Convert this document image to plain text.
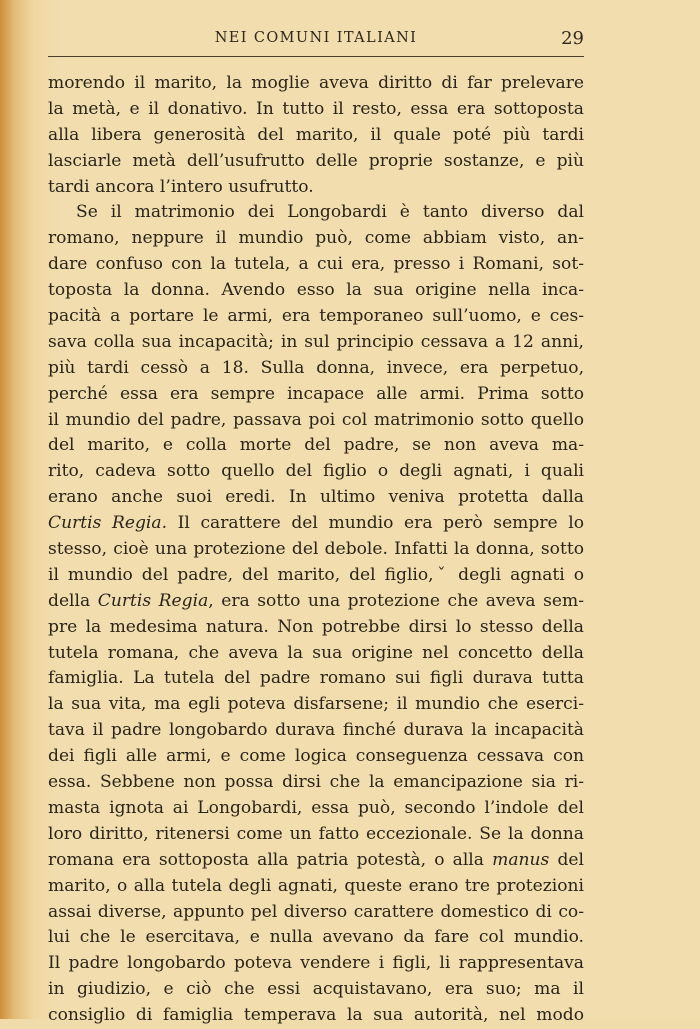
NEI COMUNI ITALIANI	29
morendo il marito, la moglie aveva diritto di far prelevare
la metà, e il donativo. In tutto il resto, essa era sottoposta
alla libera generosità del marito, il quale poté più tardi
lasciarle metà dell’usufrutto delle proprie sostanze, e più
tardi ancora l’intero usufrutto.
Se il matrimonio dei Longobardi è tanto diverso dal
romano, neppure il mundio può, come abbiam visto, an-
dare confuso con la tutela, a cui era, presso i Romani, sot-
toposta la donna. Avendo esso la sua origine nella inca-
pacità a portare le armi, era temporaneo sull’uomo, e ces-
sava colla sua incapacità; in sul principio cessava a 12 anni,
più tardi cessò a 18. Sulla donna, invece, era perpetuo,
perché essa era sempre incapace alle armi. Prima sotto
il mundio del padre, passava poi col matrimonio sotto quello
del marito, e colla morte del padre, se non aveva ma-
rito, cadeva sotto quello del figlio o degli agnati, i quali
erano anche suoi eredi. In ultimo veniva protetta dalla
Curtis Regia. Il carattere del mundio era però sempre lo
stesso, cioè una protezione del debole. Infatti la donna, sotto
il mundio del padre, del marito, del figlio,ˇ degli agnati o
della Curtis Regia, era sotto una protezione che aveva sem-
pre la medesima natura. Non potrebbe dirsi lo stesso della
tutela romana, che aveva la sua origine nel concetto della
famiglia. La tutela del padre romano sui figli durava tutta
la sua vita, ma egli poteva disfarsene; il mundio che eserci-
tava il padre longobardo durava finché durava la incapacità
dei figli alle armi, e come logica conseguenza cessava con
essa. Sebbene non possa dirsi che la emancipazione sia ri-
masta ignota ai Longobardi, essa può, secondo l’indole del
loro diritto, ritenersi come un fatto eccezionale. Se la donna
romana era sottoposta alla patria potestà, o alla manus del
marito, o alla tutela degli agnati, queste erano tre protezioni
assai diverse, appunto pel diverso carattere domestico di co-
lui che le esercitava, e nulla avevano da fare col mundio.
Il padre longobardo poteva vendere i figli, li rappresentava
in giudizio, e ciò che essi acquistavano, era suo; ma il
consiglio di famiglia temperava la sua autorità, nel modo
